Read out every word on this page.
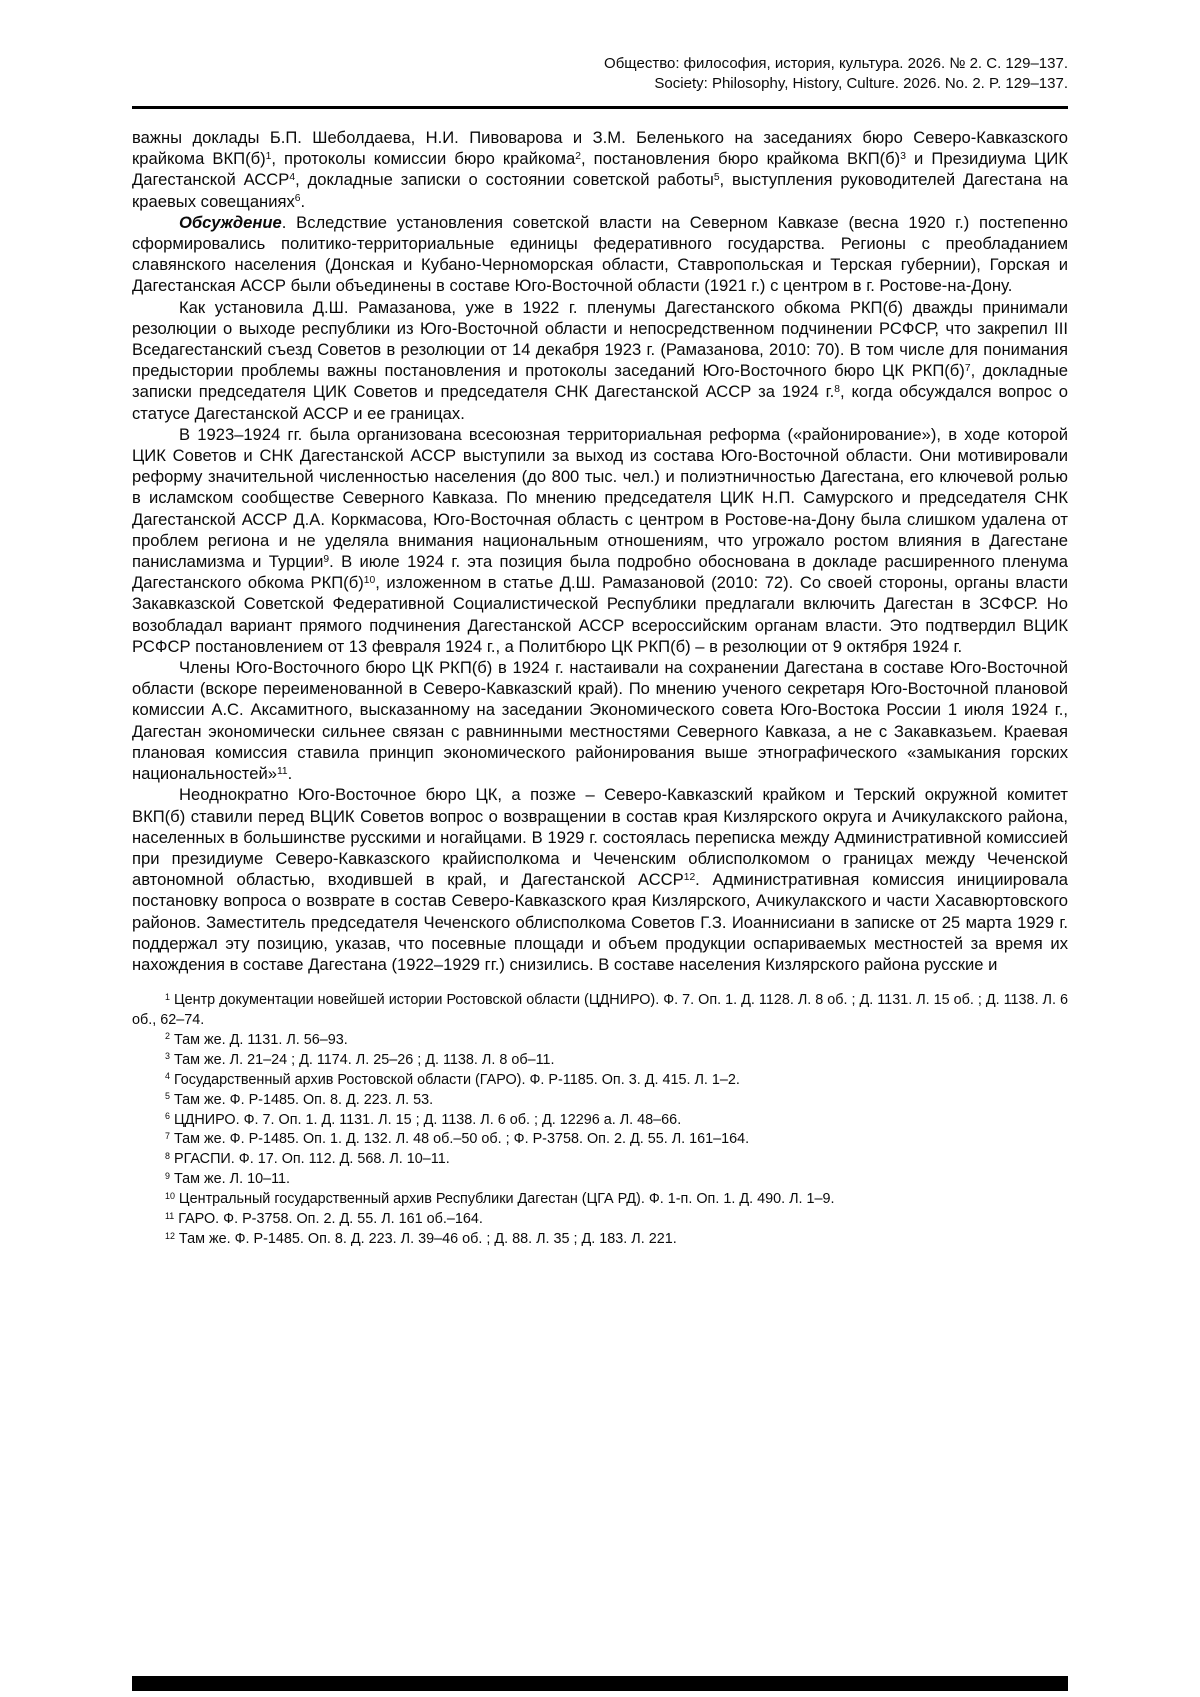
Общество: философия, история, культура. 2026. № 2. С. 129–137.
Society: Philosophy, History, Culture. 2026. No. 2. P. 129–137.

важны доклады Б.П. Шеболдаева, Н.И. Пивоварова и З.М. Беленького на заседаниях бюро Северо-Кавказского крайкома $ВКП(б)^1$, протоколы комиссии бюро крайкома$^2$, постановления бюро крайкома $ВКП(б)^3$ и Президиума ЦИК Дагестанской АССР$^4$, докладные записки о состоянии советской работы$^5$, выступления руководителей Дагестана на краевых совещаниях$^6$.

Обсуждение. Вследствие установления советской власти на Северном Кавказе (весна 1920 г.) постепенно сформировались политико-территориальные единицы федеративного государства. Регионы с преобладанием славянского населения (Донская и Кубано-Черноморская области, Ставропольская и Терская губернии), Горская и Дагестанская АССР были объединены в составе Юго-Восточной области (1921 г.) с центром в г. Ростове-на-Дону.

Как установила Д.Ш. Рамазанова, уже в 1922 г. пленумы Дагестанского обкома РКП(б) дважды принимали резолюции о выходе республики из Юго-Восточной области и непосредственном подчинении РСФСР, что закрепил III Вседагестанский съезд Советов в резолюции от 14 декабря 1923 г. (Рамазанова, 2010: 70). В том числе для понимания предыстории проблемы важны постановления и протоколы заседаний Юго-Восточного бюро ЦК $РКП(б)^7$, докладные записки председателя ЦИК Советов и председателя СНК Дагестанской АССР за 1924 г.$^8$, когда обсуждался вопрос о статусе Дагестанской АССР и ее границах.

В 1923–1924 гг. была организована всесоюзная территориальная реформа («районирование»), в ходе которой ЦИК Советов и СНК Дагестанской АССР выступили за выход из состава Юго-Восточной области. Они мотивировали реформу значительной численностью населения (до 800 тыс. чел.) и полиэтничностью Дагестана, его ключевой ролью в исламском сообществе Северного Кавказа. По мнению председателя ЦИК Н.П. Самурского и председателя СНК Дагестанской АССР Д.А. Коркмасова, Юго-Восточная область с центром в Ростове-на-Дону была слишком удалена от проблем региона и не уделяла внимания национальным отношениям, что угрожало ростом влияния в Дагестане панисламизма и Турции$^9$. В июле 1924 г. эта позиция была подробно обоснована в докладе расширенного пленума Дагестанского обкома $РКП(б)^{10}$, изложенном в статье Д.Ш. Рамазановой (2010: 72). Со своей стороны, органы власти Закавказской Советской Федеративной Социалистической Республики предлагали включить Дагестан в ЗСФСР. Но возобладал вариант прямого подчинения Дагестанской АССР всероссийским органам власти. Это подтвердил ВЦИК РСФСР постановлением от 13 февраля 1924 г., а Политбюро ЦК РКП(б) – в резолюции от 9 октября 1924 г.

Члены Юго-Восточного бюро ЦК РКП(б) в 1924 г. настаивали на сохранении Дагестана в составе Юго-Восточной области (вскоре переименованной в Северо-Кавказский край). По мнению ученого секретаря Юго-Восточной плановой комиссии А.С. Аксамитного, высказанному на заседании Экономического совета Юго-Востока России 1 июля 1924 г., Дагестан экономически сильнее связан с равнинными местностями Северного Кавказа, а не с Закавказьем. Краевая плановая комиссия ставила принцип экономического районирования выше этнографического «замыкания горских национальностей»$^{11}$.

Неоднократно Юго-Восточное бюро ЦК, а позже – Северо-Кавказский крайком и Терский окружной комитет ВКП(б) ставили перед ВЦИК Советов вопрос о возвращении в состав края Кизлярского округа и Ачикулакского района, населенных в большинстве русскими и ногайцами. В 1929 г. состоялась переписка между Административной комиссией при президиуме Северо-Кавказского крайисполкома и Чеченским облисполкомом о границах между Чеченской автономной областью, входившей в край, и Дагестанской АССР$^{12}$. Административная комиссия инициировала постановку вопроса о возврате в состав Северо-Кавказского края Кизлярского, Ачикулакского и части Хасавюртовского районов. Заместитель председателя Чеченского облисполкома Советов Г.З. Иоаннисиани в записке от 25 марта 1929 г. поддержал эту позицию, указав, что посевные площади и объем продукции оспариваемых местностей за время их нахождения в составе Дагестана (1922–1929 гг.) снизились. В составе населения Кизлярского района русские и

$^1$ Центр документации новейшей истории Ростовской области (ЦДНИРО). Ф. 7. Оп. 1. Д. 1128. Л. 8 об. ; Д. 1131. Л. 15 об. ; Д. 1138. Л. 6 об., 62–74.

$^2$ Там же. Д. 1131. Л. 56–93.

$^3$ Там же. Л. 21–24 ; Д. 1174. Л. 25–26 ; Д. 1138. Л. 8 об–11.

$^4$ Государственный архив Ростовской области (ГАРО). Ф. Р-1185. Оп. 3. Д. 415. Л. 1–2.

$^5$ Там же. Ф. Р-1485. Оп. 8. Д. 223. Л. 53.

$^6$ ЦДНИРО. Ф. 7. Оп. 1. Д. 1131. Л. 15 ; Д. 1138. Л. 6 об. ; Д. 12296 а. Л. 48–66.

$^7$ Там же. Ф. Р-1485. Оп. 1. Д. 132. Л. 48 об.–50 об. ; Ф. Р-3758. Оп. 2. Д. 55. Л. 161–164.

$^8$ РГАСПИ. Ф. 17. Оп. 112. Д. 568. Л. 10–11.

$^9$ Там же. Л. 10–11.

$^{10}$ Центральный государственный архив Республики Дагестан (ЦГА РД). Ф. 1-п. Оп. 1. Д. 490. Л. 1–9.

$^{11}$ ГАРО. Ф. Р-3758. Оп. 2. Д. 55. Л. 161 об.–164.

$^{12}$ Там же. Ф. Р-1485. Оп. 8. Д. 223. Л. 39–46 об. ; Д. 88. Л. 35 ; Д. 183. Л. 221.
